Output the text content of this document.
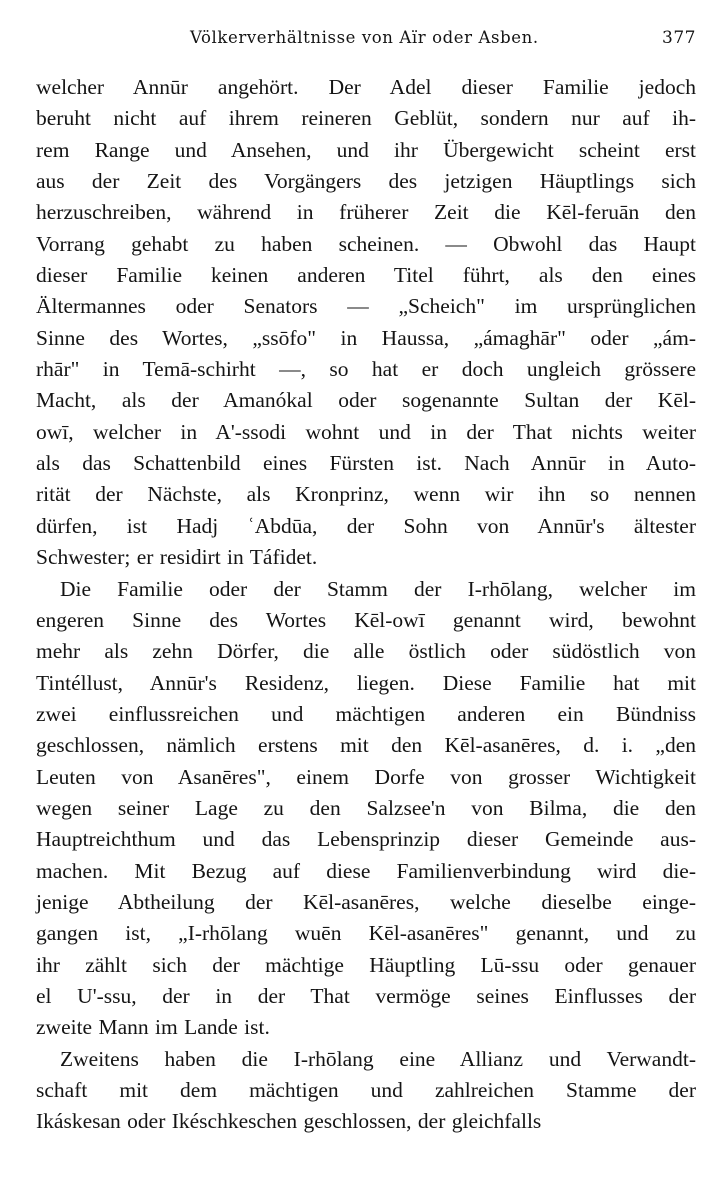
Völkerverhältnisse von Aïr oder Asben.	377
welcher Annūr angehört. Der Adel dieser Familie jedoch
beruht nicht auf ihrem reineren Geblüt, sondern nur auf ih-
rem Range und Ansehen, und ihr Übergewicht scheint erst
aus der Zeit des Vorgängers des jetzigen Häuptlings sich
herzuschreiben, während in früherer Zeit die Kēl-feruān den
Vorrang gehabt zu haben scheinen. — Obwohl das Haupt
dieser Familie keinen anderen Titel führt, als den eines
Ältermannes oder Senators — „Scheich" im ursprünglichen
Sinne des Wortes, „ssōfo" in Haussa, „ámaghār" oder „ám-
rhār" in Temā-schirht —, so hat er doch ungleich grössere
Macht, als der Amanókal oder sogenannte Sultan der Kēl-
owī, welcher in A'-ssodi wohnt und in der That nichts weiter
als das Schattenbild eines Fürsten ist. Nach Annūr in Auto-
rität der Nächste, als Kronprinz, wenn wir ihn so nennen
dürfen, ist Hadj ʿAbdūa, der Sohn von Annūr's ältester
Schwester; er residirt in Táfidet.
Die Familie oder der Stamm der I-rhōlang, welcher im
engeren Sinne des Wortes Kēl-owī genannt wird, bewohnt
mehr als zehn Dörfer, die alle östlich oder südöstlich von
Tintéllust, Annūr's Residenz, liegen. Diese Familie hat mit
zwei einflussreichen und mächtigen anderen ein Bündniss
geschlossen, nämlich erstens mit den Kēl-asanēres, d. i. „den
Leuten von Asanēres", einem Dorfe von grosser Wichtigkeit
wegen seiner Lage zu den Salzsee'n von Bilma, die den
Hauptreichthum und das Lebensprinzip dieser Gemeinde aus-
machen. Mit Bezug auf diese Familienverbindung wird die-
jenige Abtheilung der Kēl-asanēres, welche dieselbe einge-
gangen ist, „I-rhōlang wuēn Kēl-asanēres" genannt, und zu
ihr zählt sich der mächtige Häuptling Lū-ssu oder genauer
el U'-ssu, der in der That vermöge seines Einflusses der
zweite Mann im Lande ist.
Zweitens haben die I-rhōlang eine Allianz und Verwandt-
schaft mit dem mächtigen und zahlreichen Stamme der
Ikáskesan oder Ikéschkeschen geschlossen, der gleichfalls
